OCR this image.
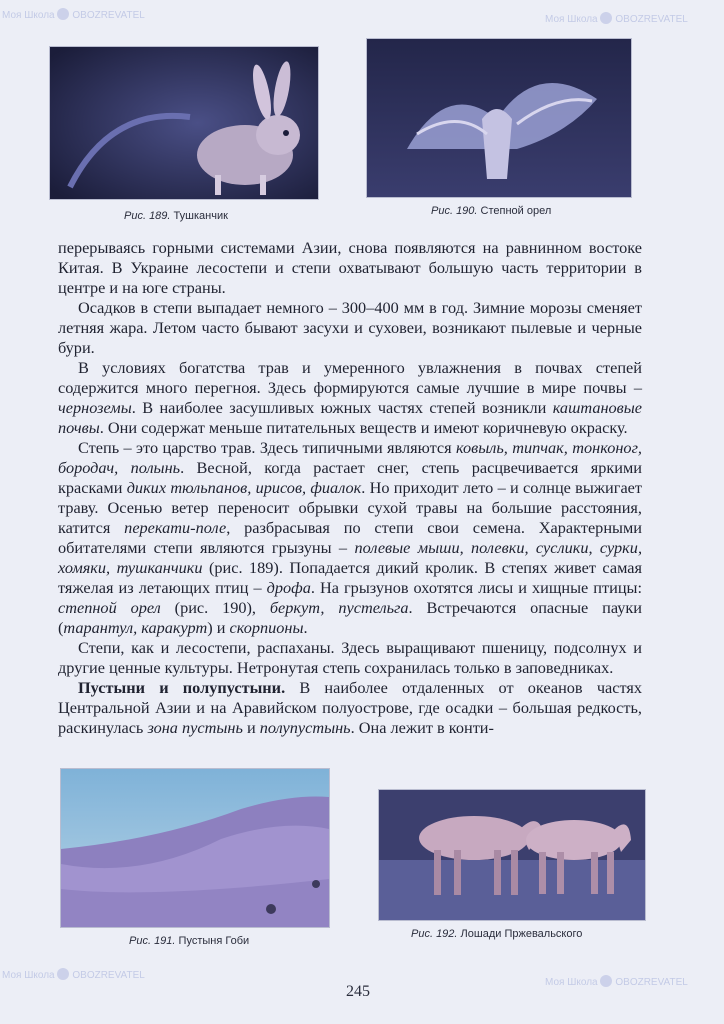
Рис. 189. Тушканчик	Рис. 190. Степной орел

перерываясь горными системами Азии, снова появляются на равнинном востоке Китая. В Украине лесостепи и степи охватывают большую часть территории в центре и на юге страны.

Осадков в степи выпадает немного – 300–400 мм в год. Зимние морозы сменяет летняя жара. Летом часто бывают засухи и суховеи, возникают пылевые и черные бури.

В условиях богатства трав и умеренного увлажнения в почвах степей содержится много перегноя. Здесь формируются самые лучшие в мире почвы – черноземы. В наиболее засушливых южных частях степей возникли каштановые почвы. Они содержат меньше питательных веществ и имеют коричневую окраску.

Степь – это царство трав. Здесь типичными являются ковыль, типчак, тонконог, бородач, полынь. Весной, когда растает снег, степь расцвечивается яркими красками диких тюльпанов, ирисов, фиалок. Но приходит лето – и солнце выжигает траву. Осенью ветер переносит обрывки сухой травы на большие расстояния, катится перекати-поле, разбрасывая по степи свои семена. Характерными обитателями степи являются грызуны – полевые мыши, полевки, суслики, сурки, хомяки, тушканчики (рис. 189). Попадается дикий кролик. В степях живет самая тяжелая из летающих птиц – дрофа. На грызунов охотятся лисы и хищные птицы: степной орел (рис. 190), беркут, пустельга. Встречаются опасные пауки (тарантул, каракурт) и скорпионы.

Степи, как и лесостепи, распаханы. Здесь выращивают пшеницу, подсолнух и другие ценные культуры. Нетронутая степь сохранилась только в заповедниках.

Пустыни и полупустыни. В наиболее отдаленных от океанов частях Центральной Азии и на Аравийском полуострове, где осадки – большая редкость, раскинулась зона пустынь и полупустынь. Она лежит в конти-

Рис. 191. Пустыня Гоби
Рис. 192. Лошади Пржевальского
245
Моя Школа OBOZREVATEL	Моя Школа OBOZREVATEL
Моя Школа OBOZREVATEL
Моя Школа OBOZREVATEL
